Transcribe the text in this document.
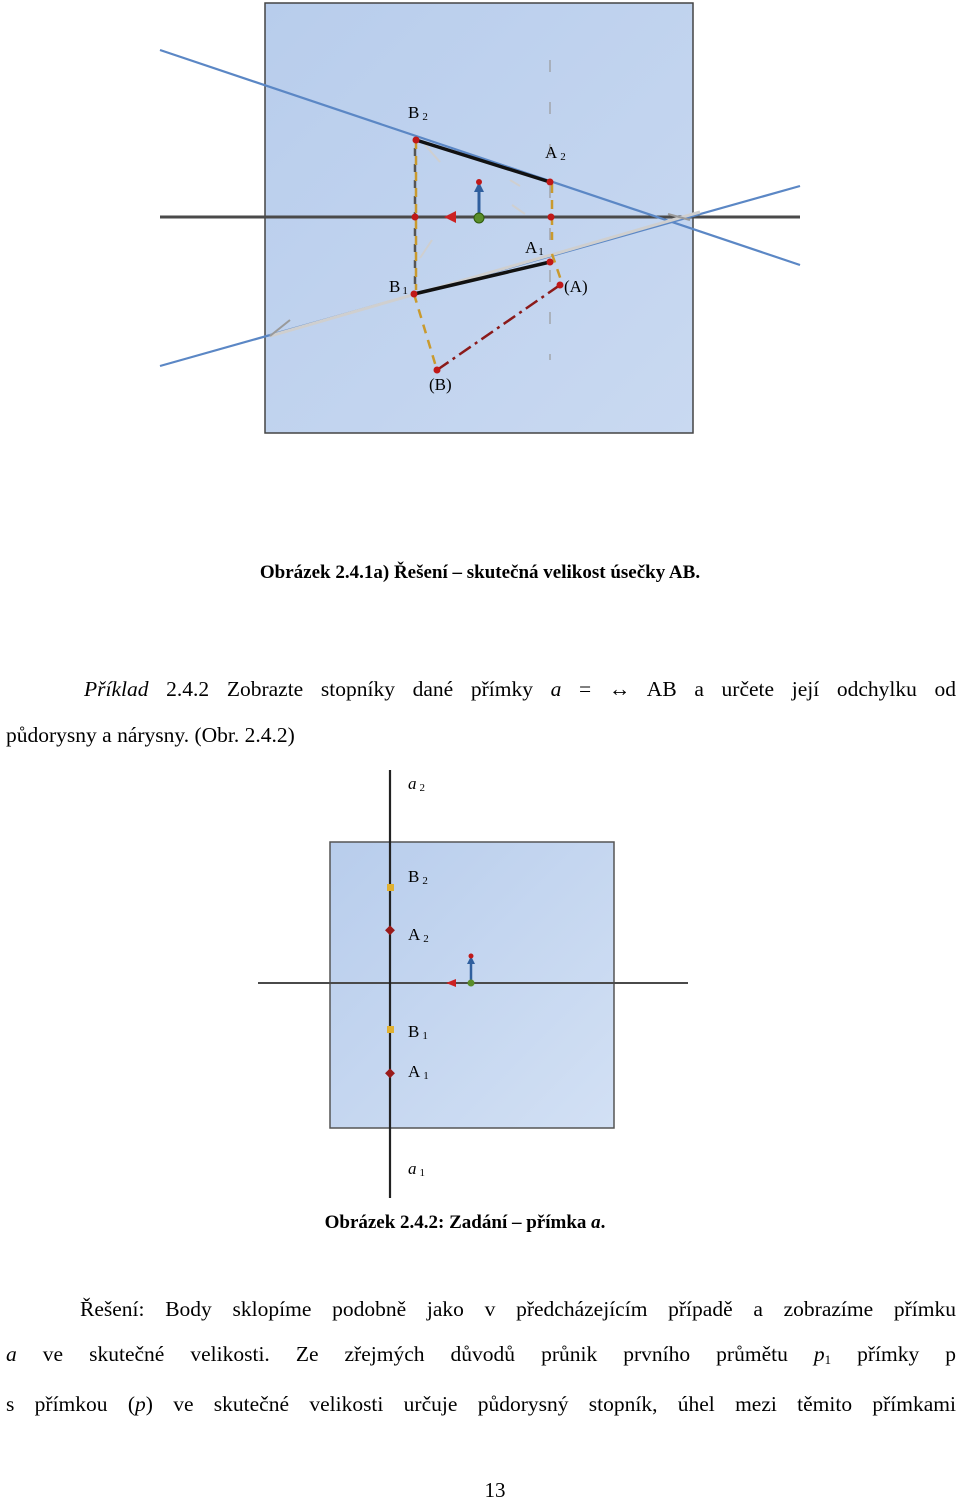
B 2
A 2
A1
B 1	(A)
(B)
Obrázek 2.4.1a) Řešení – skutečná velikost úsečky AB.
Příklad 2.4.2 Zobrazte stopníky dané přímky a = ↔ AB a určete její odchylku od
půdorysny a nárysny. (Obr. 2.4.2)
a 2
B 2
A 2
B 1
A 1
a 1
Obrázek 2.4.2: Zadání – přímka a.
Řešení: Body sklopíme podobně jako v předcházejícím případě a zobrazíme přímku
a ve skutečné velikosti. Ze zřejmých důvodů průnik prvního průmětu $p_1$ přímky p
s přímkou (p) ve skutečné velikosti určuje půdorysný stopník, úhel mezi těmito přímkami
13
